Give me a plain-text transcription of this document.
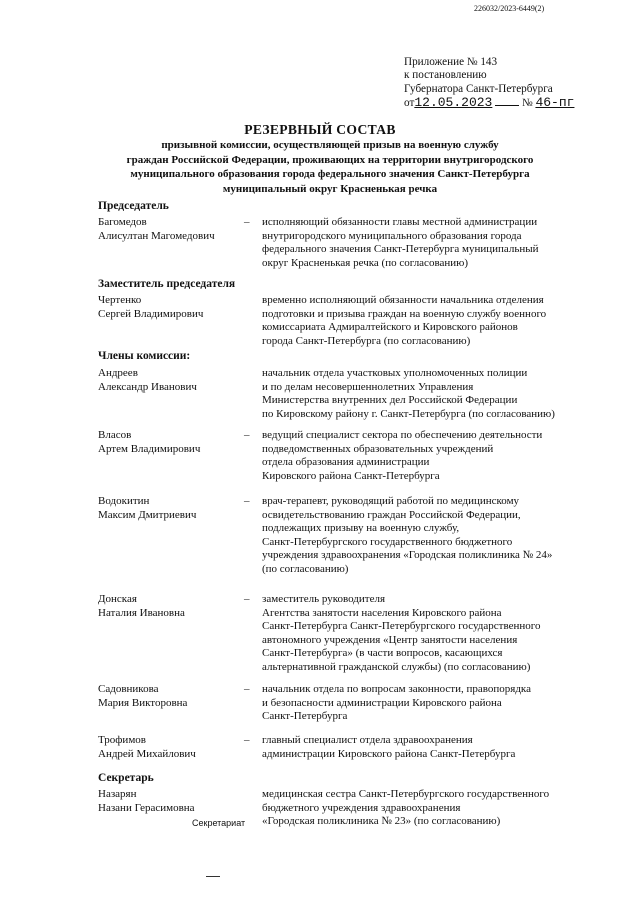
226032/2023-6449(2)
Приложение № 143
к постановлению
Губернатора Санкт-Петербурга
от12.05.2023	№ 46-пг
РЕЗЕРВНЫЙ СОСТАВ
призывной комиссии, осуществляющей призыв на военную службу
граждан Российской Федерации, проживающих на территории внутригородского
муниципального образования города федерального значения Санкт-Петербурга
муниципальный округ Красненькая речка
Председатель
Заместитель председателя
Члены комиссии:
Секретарь
Багомедов
Алисултан Магомедович
– исполняющий обязанности главы местной администрации
внутригородского муниципального образования города
федерального значения Санкт-Петербурга муниципальный
округ Красненькая речка (по согласованию)
Чертенко
Сергей Владимирович
временно исполняющий обязанности начальника отделения
подготовки и призыва граждан на военную службу военного
комиссариата Адмиралтейского и Кировского районов
города Санкт-Петербурга (по согласованию)
Андреев
Александр Иванович
начальник отдела участковых уполномоченных полиции
и по делам несовершеннолетних Управления
Министерства внутренних дел Российской Федерации
по Кировскому району г. Санкт-Петербурга (по согласованию)
Власов
Артем Владимирович
– ведущий специалист сектора по обеспечению деятельности
подведомственных образовательных учреждений
отдела образования администрации
Кировского района Санкт-Петербурга
Водокитин
Максим Дмитриевич
– врач-терапевт, руководящий работой по медицинскому
освидетельствованию граждан Российской Федерации,
подлежащих призыву на военную службу,
Санкт-Петербургского государственного бюджетного
учреждения здравоохранения «Городская поликлиника № 24»
(по согласованию)
Донская
Наталия Ивановна
– заместитель руководителя
Агентства занятости населения Кировского района
Санкт-Петербурга Санкт-Петербургского государственного
автономного учреждения «Центр занятости населения
Санкт-Петербурга» (в части вопросов, касающихся
альтернативной гражданской службы) (по согласованию)
Садовникова
Мария Викторовна
– начальник отдела по вопросам законности, правопорядка
и безопасности администрации Кировского района
Санкт-Петербурга
Трофимов
Андрей Михайлович
– главный специалист отдела здравоохранения
администрации Кировского района Санкт-Петербурга
Назарян
Назани Герасимовна
медицинская сестра Санкт-Петербургского государственного
бюджетного учреждения здравоохранения
«Городская поликлиника № 23» (по согласованию)
Секретариат
